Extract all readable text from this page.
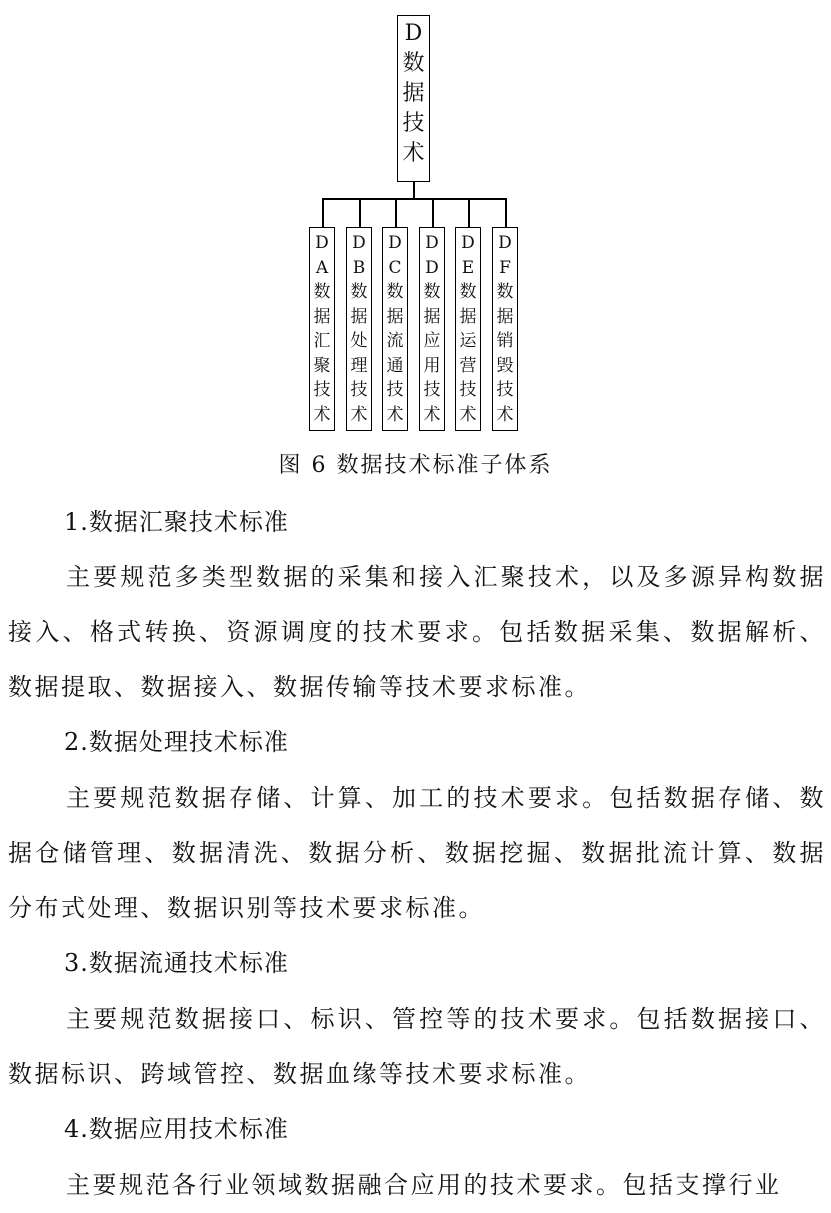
D
数
据
技
术
D
A
数
据
汇
聚
技
术
D
B
数
据
处
理
技
术
D
C
数
据
流
通
技
术
D
D
数
据
应
用
技
术
D
E
数
据
运
营
技
术
D
F
数
据
销
毁
技
术
图 6 数据技术标准子体系
1.数据汇聚技术标准
主要规范多类型数据的采集和接入汇聚技术，以及多源异构数据接入、格式转换、资源调度的技术要求。包括数据采集、数据解析、数据提取、数据接入、数据传输等技术要求标准。
2.数据处理技术标准
主要规范数据存储、计算、加工的技术要求。包括数据存储、数据仓储管理、数据清洗、数据分析、数据挖掘、数据批流计算、数据分布式处理、数据识别等技术要求标准。
3.数据流通技术标准
主要规范数据接口、标识、管控等的技术要求。包括数据接口、数据标识、跨域管控、数据血缘等技术要求标准。
4.数据应用技术标准
主要规范各行业领域数据融合应用的技术要求。包括支撑行业
